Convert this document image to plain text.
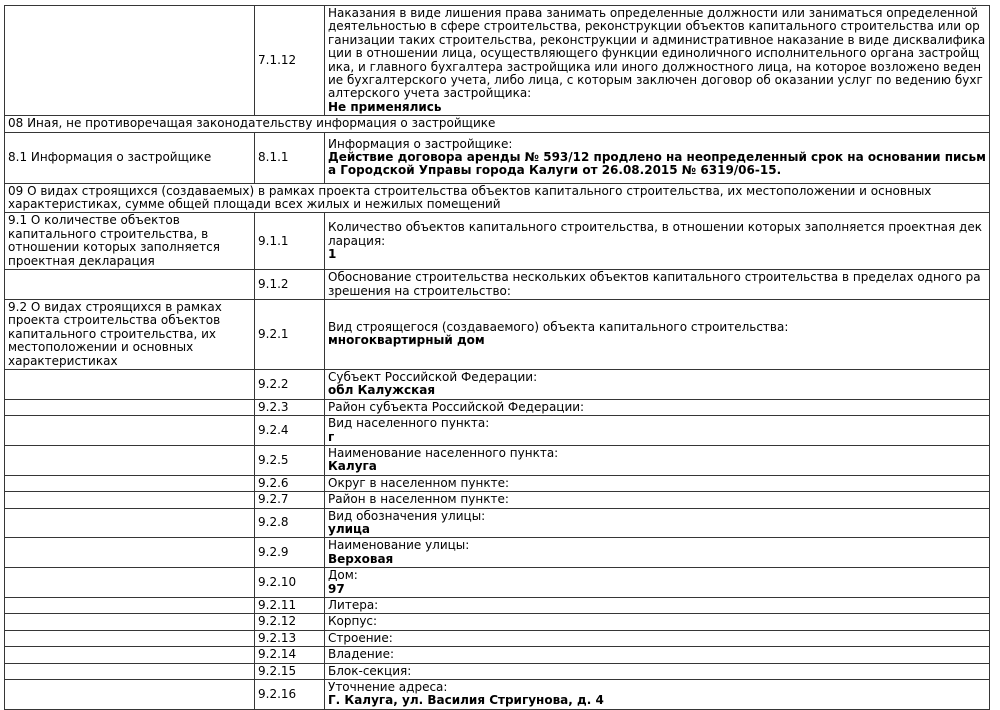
	7.1.12	Наказания в виде лишения права занимать определенные должности или заниматься определенной деятельностью в сфере строительства, реконструкции объектов капитального строительства или организации таких строительства, реконструкции и административное наказание в виде дисквалификации в отношении лица, осуществляющего функции единоличного исполнительного органа застройщика, и главного бухгалтера застройщика или иного должностного лица, на которое возложено ведение бухгалтерского учета, либо лица, с которым заключен договор об оказании услуг по ведению бухгалтерского учета застройщика:
Не применялись

08 Иная, не противоречащая законодательству информация о застройщике		

8.1 Информация о застройщике	8.1.1	Информация о застройщике:
Действие договора аренды № 593/12 продлено на неопределенный срок на основании письма Городской Управы города Калуги от 26.08.2015 № 6319/06-15.

09 О видах строящихся (создаваемых) в рамках проекта строительства объектов капитального строительства, их местоположении и основных характеристиках, сумме общей площади всех жилых и нежилых помещений		

9.1 О количестве объектов капитального строительства, в отношении которых заполняется проектная декларация	9.1.1	Количество объектов капитального строительства, в отношении которых заполняется проектная декларация:
1

	9.1.2	Обоснование строительства нескольких объектов капитального строительства в пределах одного разрешения на строительство:

9.2 О видах строящихся в рамках проекта строительства объектов капитального строительства, их местоположении и основных характеристиках	9.2.1	Вид строящегося (создаваемого) объекта капитального строительства:
многоквартирный дом

	9.2.2	Субъект Российской Федерации:
обл Калужская

	9.2.3	Район субъекта Российской Федерации:

	9.2.4	Вид населенного пункта:
г

	9.2.5	Наименование населенного пункта:
Калуга

	9.2.6	Округ в населенном пункте:

	9.2.7	Район в населенном пункте:

	9.2.8	Вид обозначения улицы:
улица

	9.2.9	Наименование улицы:
Верховая

	9.2.10	Дом:
97

	9.2.11	Литера:

	9.2.12	Корпус:

	9.2.13	Строение:

	9.2.14	Владение:

	9.2.15	Блок-секция:

	9.2.16	Уточнение адреса:
Г. Калуга, ул. Василия Стригунова, д. 4
